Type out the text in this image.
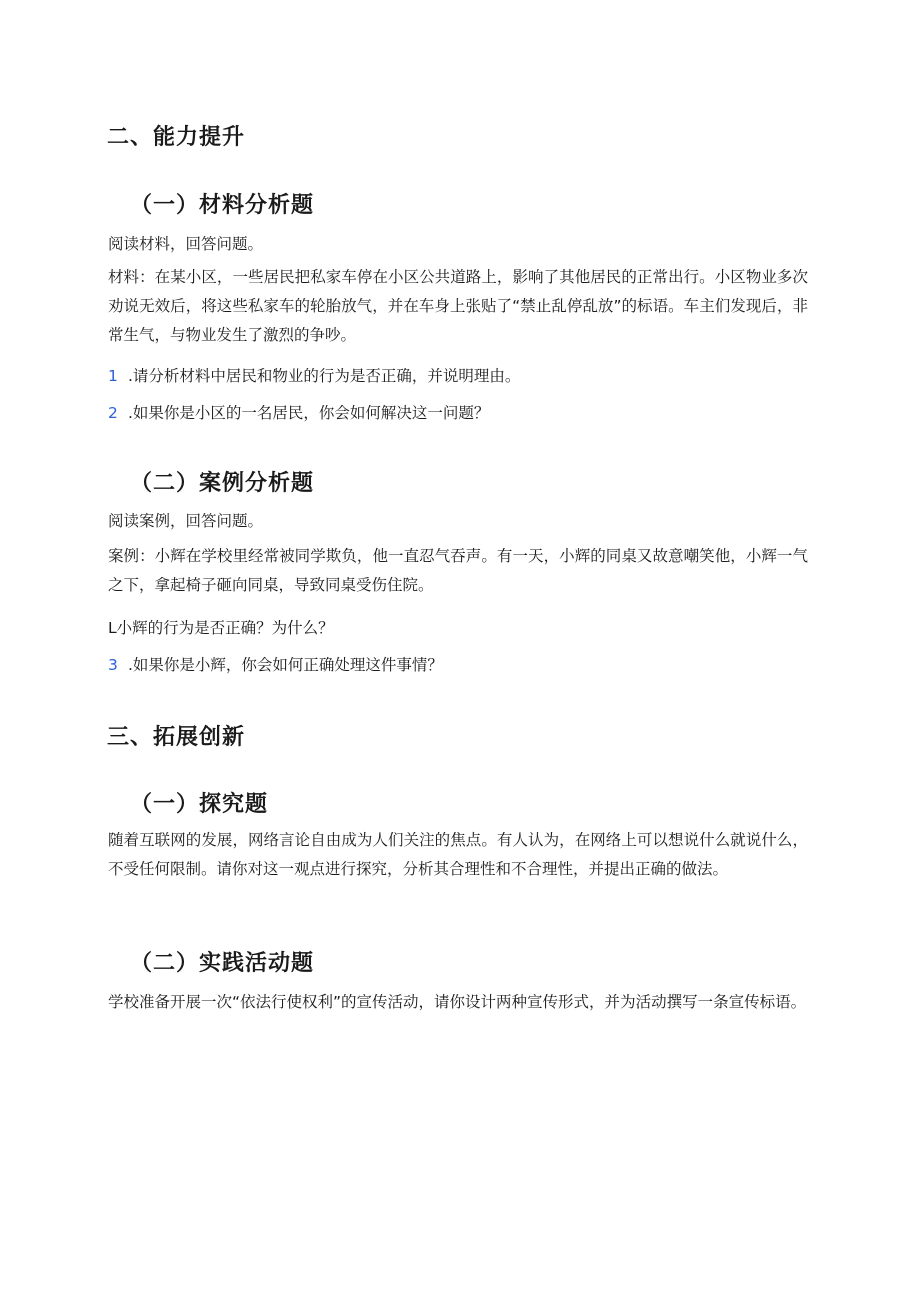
二、能力提升
（一）材料分析题
阅读材料，回答问题。
材料：在某小区，一些居民把私家车停在小区公共道路上，影响了其他居民的正常出行。小区物业多次劝说无效后，将这些私家车的轮胎放气，并在车身上张贴了“禁止乱停乱放”的标语。车主们发现后，非常生气，与物业发生了激烈的争吵。
1 .请分析材料中居民和物业的行为是否正确，并说明理由。
2 .如果你是小区的一名居民，你会如何解决这一问题？
（二）案例分析题
阅读案例，回答问题。
案例：小辉在学校里经常被同学欺负，他一直忍气吞声。有一天，小辉的同桌又故意嘲笑他，小辉一气之下，拿起椅子砸向同桌，导致同桌受伤住院。
L小辉的行为是否正确？为什么？
3 .如果你是小辉，你会如何正确处理这件事情？
三、拓展创新
（一）探究题
随着互联网的发展，网络言论自由成为人们关注的焦点。有人认为，在网络上可以想说什么就说什么，不受任何限制。请你对这一观点进行探究，分析其合理性和不合理性，并提出正确的做法。
（二）实践活动题
学校准备开展一次“依法行使权利”的宣传活动，请你设计两种宣传形式，并为活动撰写一条宣传标语。
